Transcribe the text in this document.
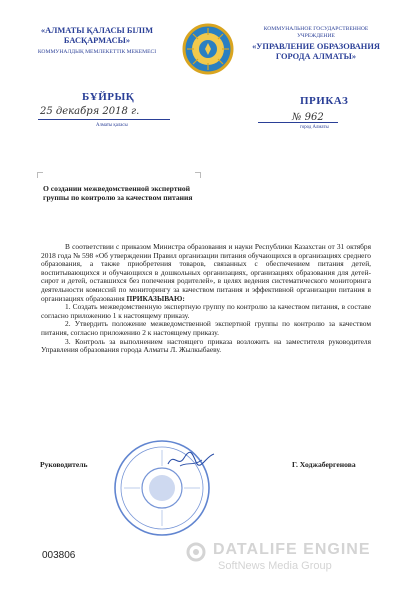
«АЛМАТЫ ҚАЛАСЫ БІЛІМ БАСҚАРМАСЫ»
КОММУНАЛДЫҚ МЕМЛЕКЕТТІК МЕКЕМЕСІ
КОММУНАЛЬНОЕ ГОСУДАРСТВЕННОЕ УЧРЕЖДЕНИЕ
«УПРАВЛЕНИЕ ОБРАЗОВАНИЯ ГОРОДА АЛМАТЫ»
БҰЙРЫҚ	ПРИКАЗ
25 декабря 2018 г.
№ 962
Алматы қаласы	город Алматы
О создании межведомственной экспертной группы по контролю за качеством питания

В соответствии с приказом Министра образования и науки Республики Казахстан от 31 октября 2018 года № 598 «Об утверждении Правил организации питания обучающихся в организациях среднего образования, а также приобретения товаров, связанных с обеспечением питания детей, воспитывающихся и обучающихся в дошкольных организациях, организациях образования для детей-сирот и детей, оставшихся без попечения родителей», в целях ведения систематического мониторинга деятельности комиссий по мониторингу за качеством питания и эффективной организации питания в организациях образования ПРИКАЗЫВАЮ:

1. Создать межведомственную экспертную группу по контролю за качеством питания, в составе согласно приложению 1 к настоящему приказу.

2. Утвердить положение межведомственной экспертной группы по контролю за качеством питания, согласно приложению 2 к настоящему приказу.

3. Контроль за выполнением настоящего приказа возложить на заместителя руководителя Управления образования города Алматы Л. Жылкыбаеву.

Руководитель	Г. Ходжабергенова
003806	DATALIFE ENGINE
SoftNews Media Group
